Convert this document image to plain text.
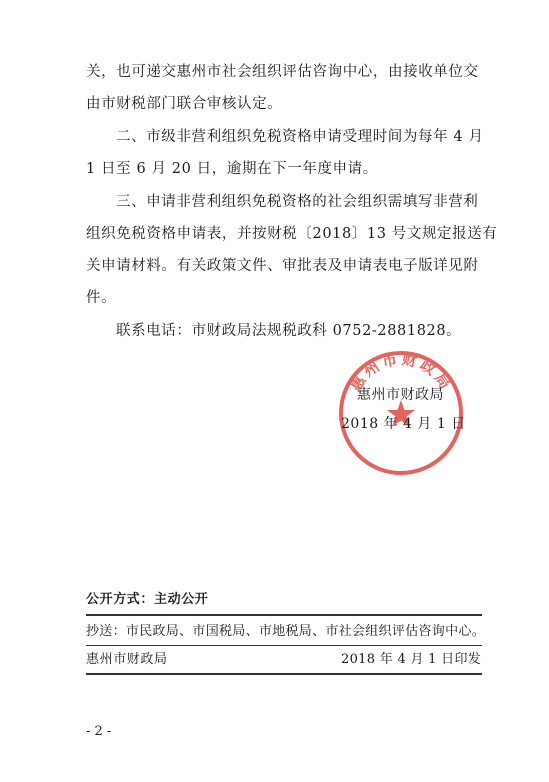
关，也可递交惠州市社会组织评估咨询中心，由接收单位交
由市财税部门联合审核认定。
二、市级非营利组织免税资格申请受理时间为每年 4 月
1 日至 6 月 20 日，逾期在下一年度申请。
三、申请非营利组织免税资格的社会组织需填写非营利
组织免税资格申请表，并按财税〔2018〕13 号文规定报送有
关申请材料。有关政策文件、审批表及申请表电子版详见附
件。
联系电话：市财政局法规税政科 0752-2881828。
惠州市财政局
惠州市财政局
2018 年 4 月 1 日
公开方式：主动公开
抄送：市民政局、市国税局、市地税局、市社会组织评估咨询中心。
惠州市财政局	2018 年 4 月 1 日印发
- 2 -
